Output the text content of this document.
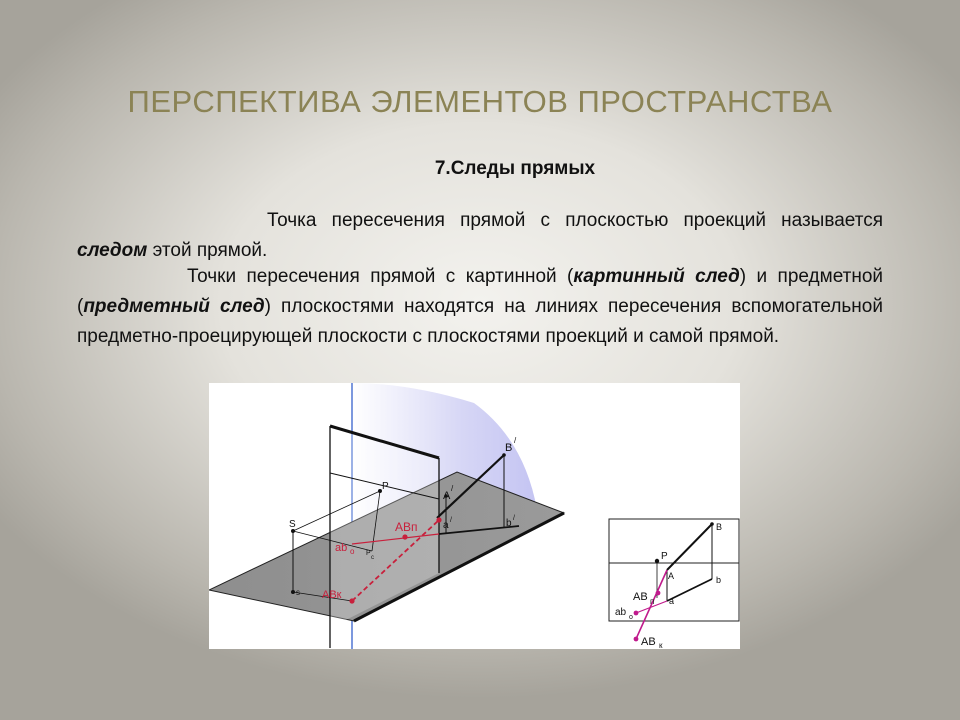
ПЕРСПЕКТИВА ЭЛЕМЕНТОВ ПРОСТРАНСТВА
7.Следы прямых

Точка пересечения прямой с плоскостью проекций называется следом этой прямой.

Точки пересечения прямой с картинной (картинный след) и предметной (предметный след) плоскостями находятся на линиях пересечения вспомогательной предметно-проецирующей плоскости с плоскостями проекций и самой прямой.

B
/
A
/
P
S
s
a /	b /
ABп
ab o P
c
ABк
B
P
b
A
a
AB п
ab o
AB к
